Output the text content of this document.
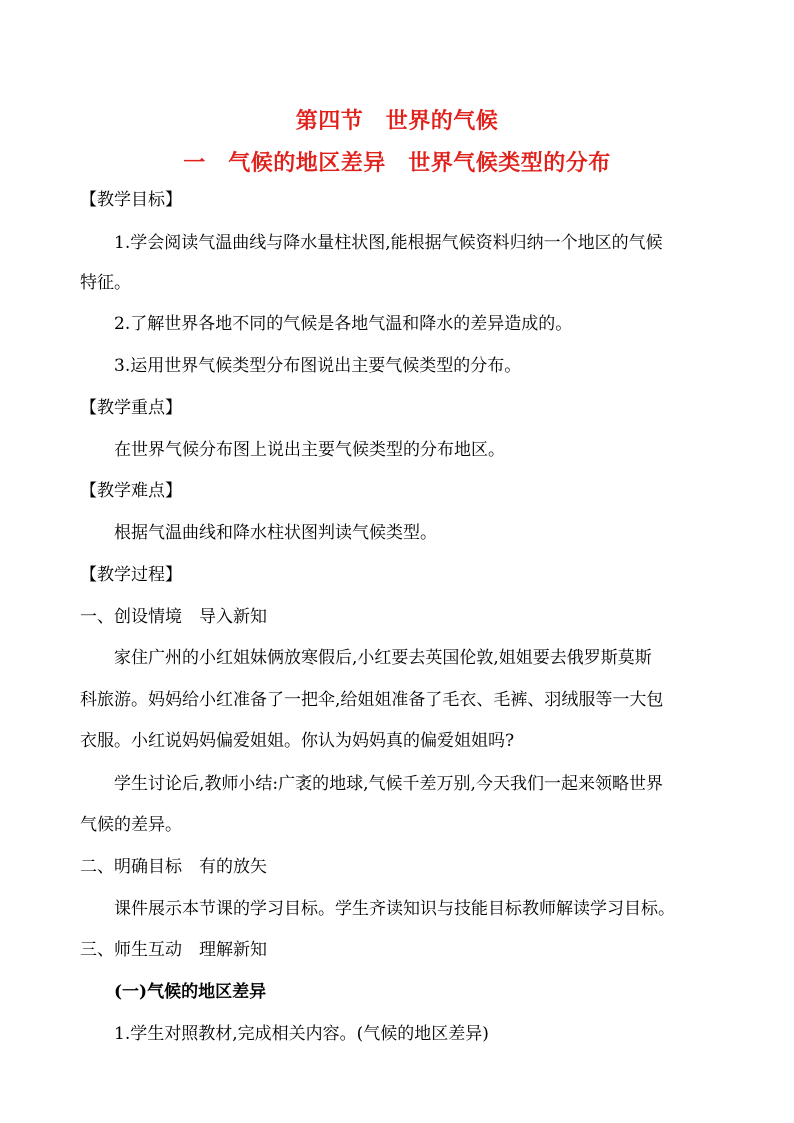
第四节　世界的气候
一　气候的地区差异　世界气候类型的分布
【教学目标】
1.学会阅读气温曲线与降水量柱状图,能根据气候资料归纳一个地区的气候
特征。
2.了解世界各地不同的气候是各地气温和降水的差异造成的。
3.运用世界气候类型分布图说出主要气候类型的分布。
【教学重点】
在世界气候分布图上说出主要气候类型的分布地区。
【教学难点】
根据气温曲线和降水柱状图判读气候类型。
【教学过程】
一、创设情境　导入新知
家住广州的小红姐妹俩放寒假后,小红要去英国伦敦,姐姐要去俄罗斯莫斯
科旅游。妈妈给小红准备了一把伞,给姐姐准备了毛衣、毛裤、羽绒服等一大包
衣服。小红说妈妈偏爱姐姐。你认为妈妈真的偏爱姐姐吗?
学生讨论后,教师小结:广袤的地球,气候千差万别,今天我们一起来领略世界
气候的差异。
二、明确目标　有的放矢
课件展示本节课的学习目标。学生齐读知识与技能目标教师解读学习目标。
三、师生互动　理解新知
(一)气候的地区差异
1.学生对照教材,完成相关内容。(气候的地区差异)
